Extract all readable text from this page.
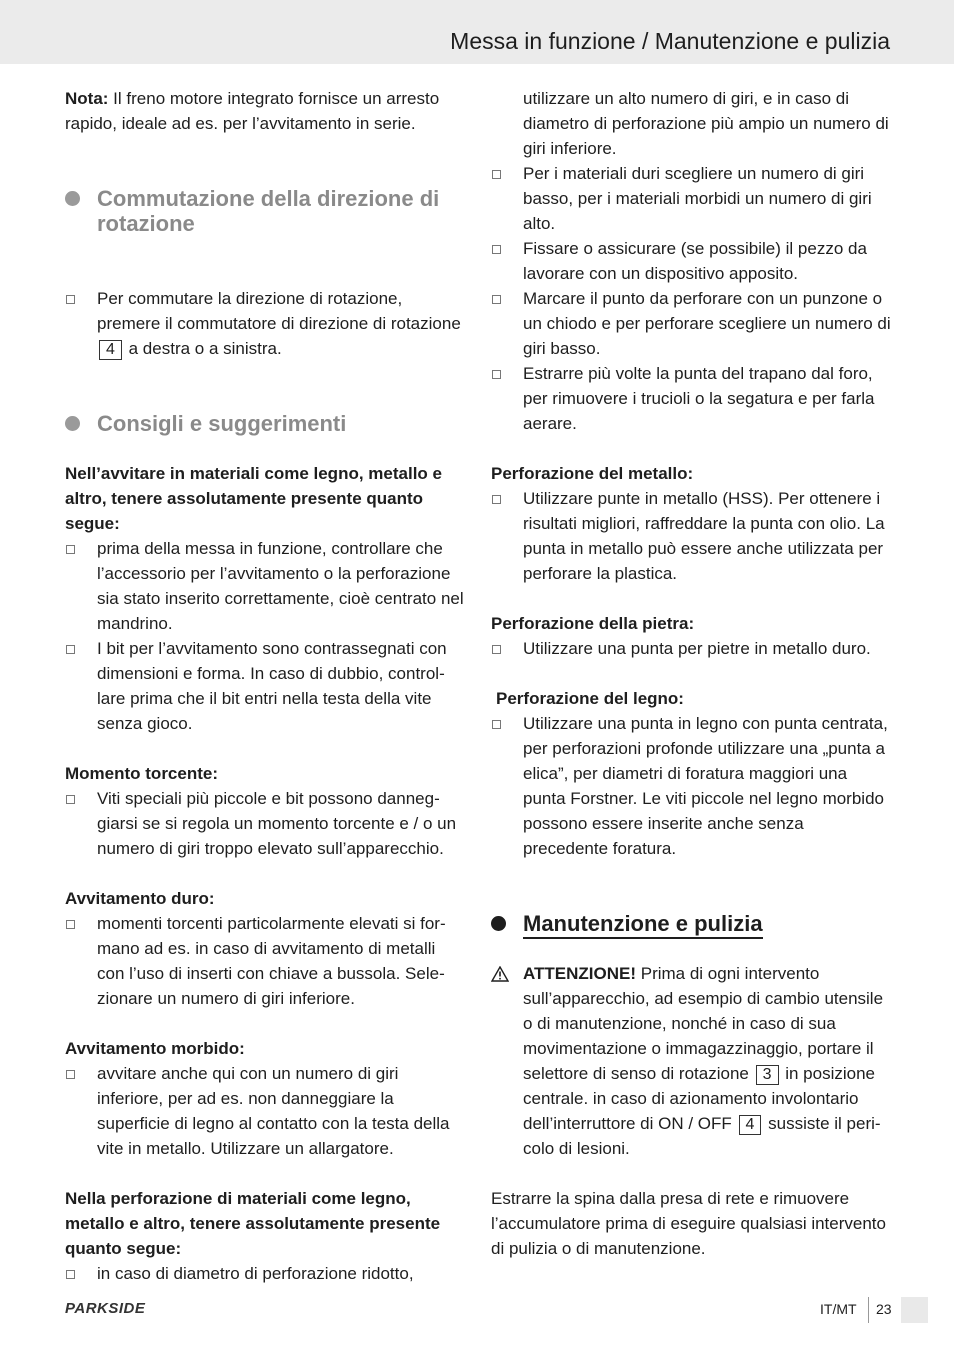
Messa in funzione / Manutenzione e pulizia

Nota: Il freno motore integrato fornisce un arresto rapido, ideale ad es. per l’avvitamento in serie.

Commutazione della direzione di rotazione
Per commutare la direzione di rotazione, premere il commutatore di direzione di rotazione 4 a destra o a sinistra.
Consigli e suggerimenti

Nell’avvitare in materiali come legno, metallo e altro, tenere assolutamente presente quanto segue:

prima della messa in funzione, controllare che l’accessorio per l’avvitamento o la perforazione sia stato inserito correttamente, cioè centrato nel mandrino.
I bit per l’avvitamento sono contrassegnati con dimensioni e forma. In caso di dubbio, controllare prima che il bit entri nella testa della vite senza gioco.

Momento torcente:

Viti speciali più piccole e bit possono danneggiarsi se si regola un momento torcente e / o un numero di giri troppo elevato sull’apparecchio.

Avvitamento duro:

momenti torcenti particolarmente elevati si formano ad es. in caso di avvitamento di metalli con l’uso di inserti con chiave a bussola. Selezionare un numero di giri inferiore.

Avvitamento morbido:

avvitare anche qui con un numero di giri inferiore, per ad es. non danneggiare la superficie di legno al contatto con la testa della vite in metallo. Utilizzare un allargatore.

Nella perforazione di materiali come legno, metallo e altro, tenere assolutamente presente quanto segue:

in caso di diametro di perforazione ridotto,
utilizzare un alto numero di giri, e in caso di diametro di perforazione più ampio un numero di giri inferiore.
Per i materiali duri scegliere un numero di giri basso, per i materiali morbidi un numero di giri alto.
Fissare o assicurare (se possibile) il pezzo da lavorare con un dispositivo apposito.
Marcare il punto da perforare con un punzone o un chiodo e per perforare scegliere un numero di giri basso.
Estrarre più volte la punta del trapano dal foro, per rimuovere i trucioli o la segatura e per farla aerare.

Perforazione del metallo:

Utilizzare punte in metallo (HSS). Per ottenere i risultati migliori, raffreddare la punta con olio. La punta in metallo può essere anche utilizzata per perforare la plastica.

Perforazione della pietra:

Utilizzare una punta per pietre in metallo duro.

Perforazione del legno:

Utilizzare una punta in legno con punta centrata, per perforazioni profonde utilizzare una „punta a elica”, per diametri di foratura maggiori una punta Forstner. Le viti piccole nel legno morbido possono essere inserite anche senza precedente foratura.
Manutenzione e pulizia
ATTENZIONE! Prima di ogni intervento sull’apparecchio, ad esempio di cambio utensile o di manutenzione, nonché in caso di sua movimentazione o immagazzinaggio, portare il selettore di senso di rotazione 3 in posizione centrale. in caso di azionamento involontario dell’interruttore di ON / OFF 4 sussiste il pericolo di lesioni.

Estrarre la spina dalla presa di rete e rimuovere l’accumulatore prima di eseguire qualsiasi intervento di pulizia o di manutenzione.

PARKSIDE	IT/MT 23
